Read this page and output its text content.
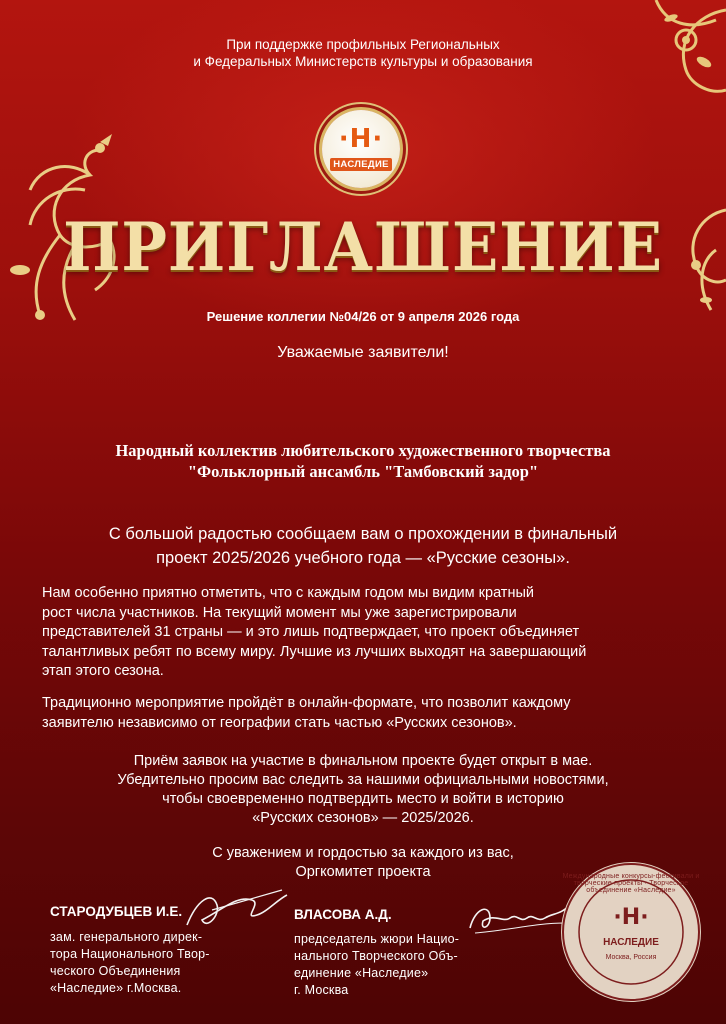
При поддержке профильных Региональных
и Федеральных Министерств культуры и образования
·H·
НАСЛЕДИЕ
ПРИГЛАШЕНИЕ
Решение коллегии №04/26 от 9 апреля 2026 года
Уважаемые заявители!
Народный коллектив любительского художественного творчества
"Фольклорный ансамбль "Тамбовский задор"
С большой радостью сообщаем вам о прохождении в финальный
проект 2025/2026 учебного года — «Русские сезоны».
Нам особенно приятно отметить, что с каждым годом мы видим кратный
рост числа участников. На текущий момент мы уже зарегистрировали
представителей 31 страны — и это лишь подтверждает, что проект объединяет
талантливых ребят по всему миру. Лучшие из лучших выходят на завершающий
этап этого сезона.
Традиционно мероприятие пройдёт в онлайн-формате, что позволит каждому
заявителю независимо от географии стать частью «Русских сезонов».
Приём заявок на участие в финальном проекте будет открыт в мае.
Убедительно просим вас следить за нашими официальными новостями,
чтобы своевременно подтвердить место и войти в историю
«Русских сезонов» — 2025/2026.
С уважением и гордостью за каждого из вас,
Оргкомитет проекта
СТАРОДУБЦЕВ И.Е.
зам. генерального дирек-
тора Национального Твор-
ческого Объединения
«Наследие» г.Москва.
ВЛАСОВА А.Д.
председатель жюри Нацио-
нального Творческого Объ-
единение «Наследие»
г. Москва
Международные конкурсы-фестивали и творческие проекты · Творческое объединение «Наследие»
·H·
НАСЛЕДИЕ
Москва, Россия
